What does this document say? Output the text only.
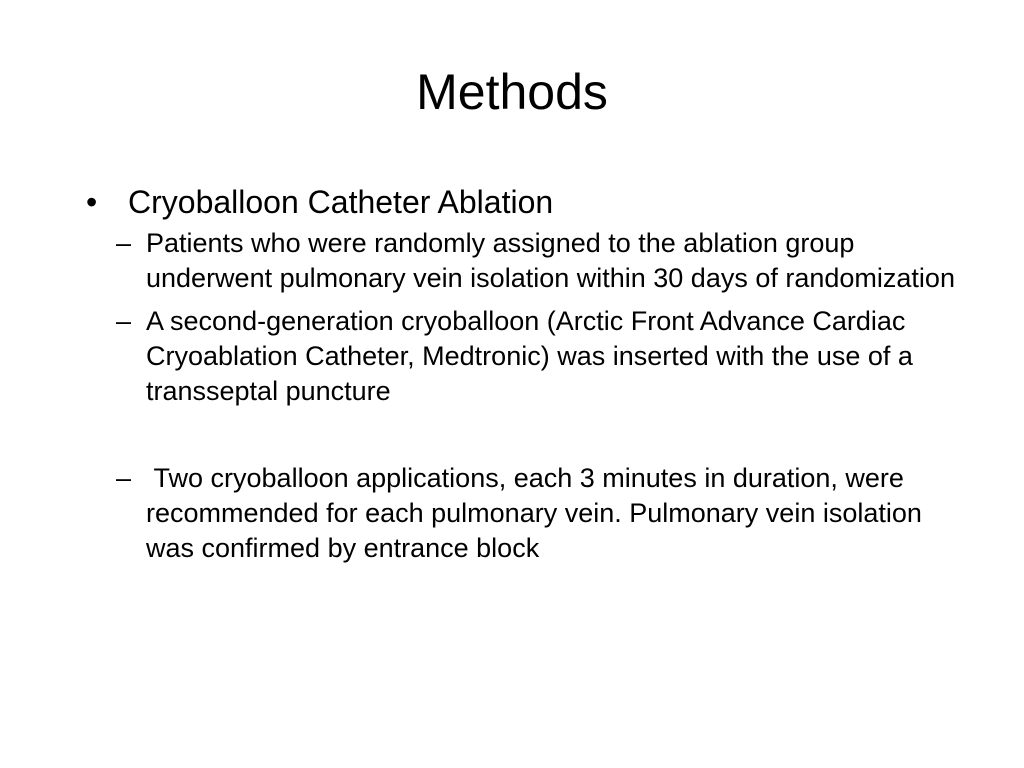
Methods
• Cryoballoon Catheter Ablation
– Patients who were randomly assigned to the ablation group underwent pulmonary vein isolation within 30 days of randomization
– A second-generation cryoballoon (Arctic Front Advance Cardiac Cryoablation Catheter, Medtronic) was inserted with the use of a transseptal puncture
– Two cryoballoon applications, each 3 minutes in duration, were recommended for each pulmonary vein. Pulmonary vein isolation was confirmed by entrance block
